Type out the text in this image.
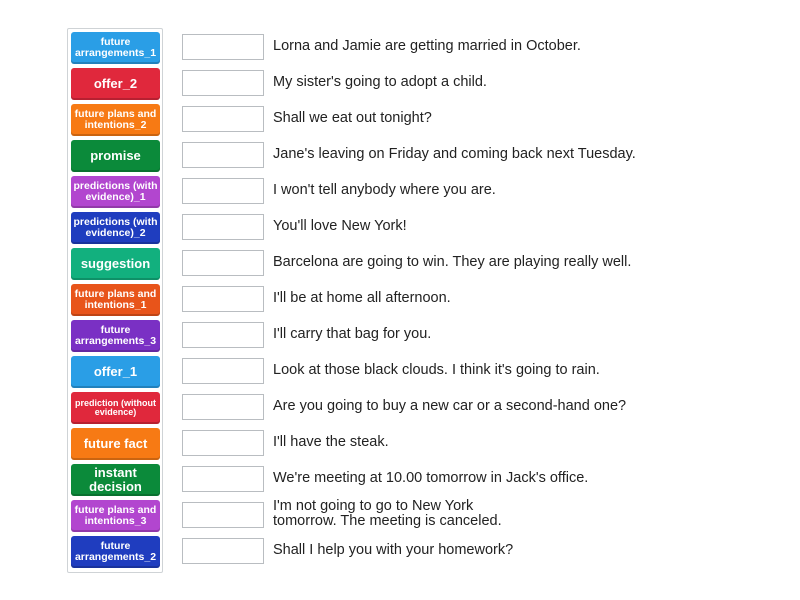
future arrangements_1
offer_2
future plans and intentions_2
promise
predictions (with evidence)_1
predictions (with evidence)_2
suggestion
future plans and intentions_1
future arrangements_3
offer_1
prediction (without evidence)
future fact
instant decision
future plans and intentions_3
future arrangements_2
Lorna and Jamie are getting married in October.
My sister's going to adopt a child.
Shall we eat out tonight?
Jane's leaving on Friday and coming back next Tuesday.
I won't tell anybody where you are.
You'll love New York!
Barcelona are going to win. They are playing really well.
I'll be at home all afternoon.
I'll carry that bag for you.
Look at those black clouds. I think it's going to rain.
Are you going to buy a new car or a second-hand one?
I'll have the steak.
We're meeting at 10.00 tomorrow in Jack's office.
I'm not going to go to New York tomorrow. The meeting is canceled.
Shall I help you with your homework?
